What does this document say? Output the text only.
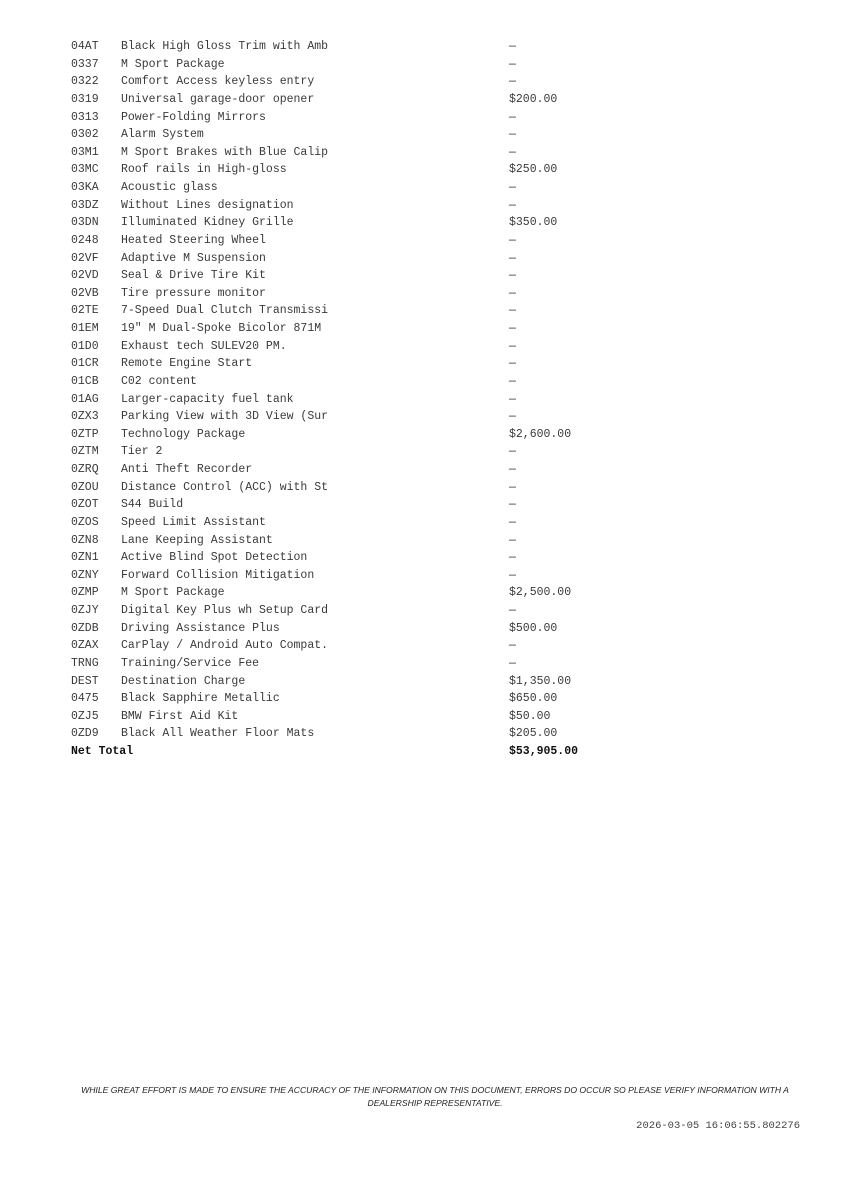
04AT	Black High Gloss Trim with Amb	—
0337	M Sport Package	—
0322	Comfort Access keyless entry	—
0319	Universal garage-door opener	$200.00
0313	Power-Folding Mirrors	—
0302	Alarm System	—
03M1	M Sport Brakes with Blue Calip	—
03MC	Roof rails in High-gloss	$250.00
03KA	Acoustic glass	—
03DZ	Without Lines designation	—
03DN	Illuminated Kidney Grille	$350.00
0248	Heated Steering Wheel	—
02VF	Adaptive M Suspension	—
02VD	Seal & Drive Tire Kit	—
02VB	Tire pressure monitor	—
02TE	7-Speed Dual Clutch Transmissi	—
01EM	19" M Dual-Spoke Bicolor 871M	—
01D0	Exhaust tech SULEV20 PM.	—
01CR	Remote Engine Start	—
01CB	C02 content	—
01AG	Larger-capacity fuel tank	—
0ZX3	Parking View with 3D View (Sur	—
0ZTP	Technology Package	$2,600.00
0ZTM	Tier 2	—
0ZRQ	Anti Theft Recorder	—
0ZOU	Distance Control (ACC) with St	—
0ZOT	S44 Build	—
0ZOS	Speed Limit Assistant	—
0ZN8	Lane Keeping Assistant	—
0ZN1	Active Blind Spot Detection	—
0ZNY	Forward Collision Mitigation	—
0ZMP	M Sport Package	$2,500.00
0ZJY	Digital Key Plus wh Setup Card	—
0ZDB	Driving Assistance Plus	$500.00
0ZAX	CarPlay / Android Auto Compat.	—
TRNG	Training/Service Fee	—
DEST	Destination Charge	$1,350.00
0475	Black Sapphire Metallic	$650.00
0ZJ5	BMW First Aid Kit	$50.00
0ZD9	Black All Weather Floor Mats	$205.00
Net Total		$53,905.00
WHILE GREAT EFFORT IS MADE TO ENSURE THE ACCURACY OF THE INFORMATION ON THIS DOCUMENT, ERRORS DO OCCUR SO PLEASE VERIFY INFORMATION WITH A DEALERSHIP REPRESENTATIVE.
2026-03-05 16:06:55.802276
